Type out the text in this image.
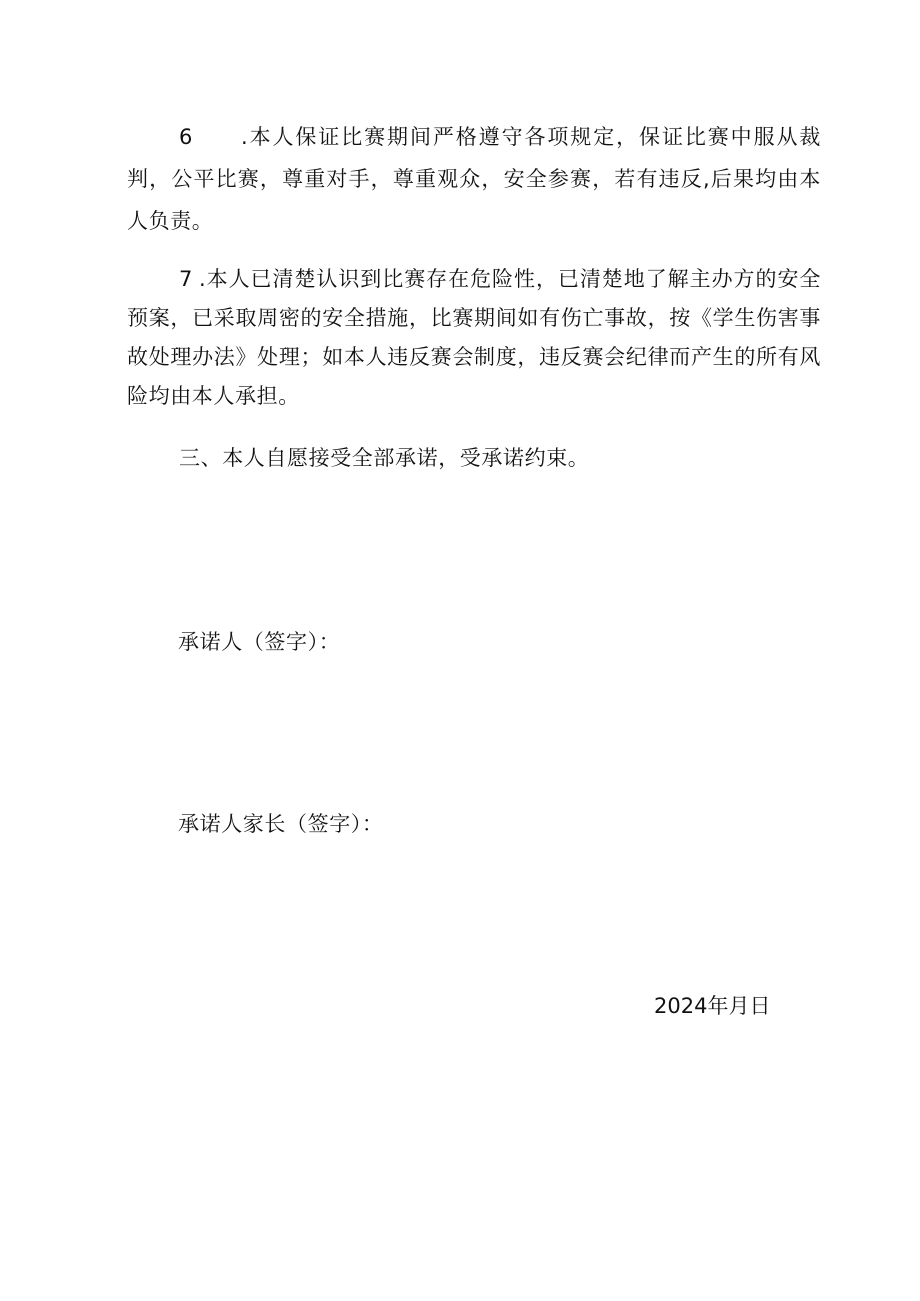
6 .本人保证比赛期间严格遵守各项规定，保证比赛中服从裁判，公平比赛，尊重对手，尊重观众，安全参赛，若有违反,后果均由本人负责。

7 .本人已清楚认识到比赛存在危险性，已清楚地了解主办方的安全预案，已采取周密的安全措施，比赛期间如有伤亡事故，按《学生伤害事故处理办法》处理；如本人违反赛会制度，违反赛会纪律而产生的所有风险均由本人承担。

三、本人自愿接受全部承诺，受承诺约束。

承诺人（签字）：

承诺人家长（签字）：

2024年月日
